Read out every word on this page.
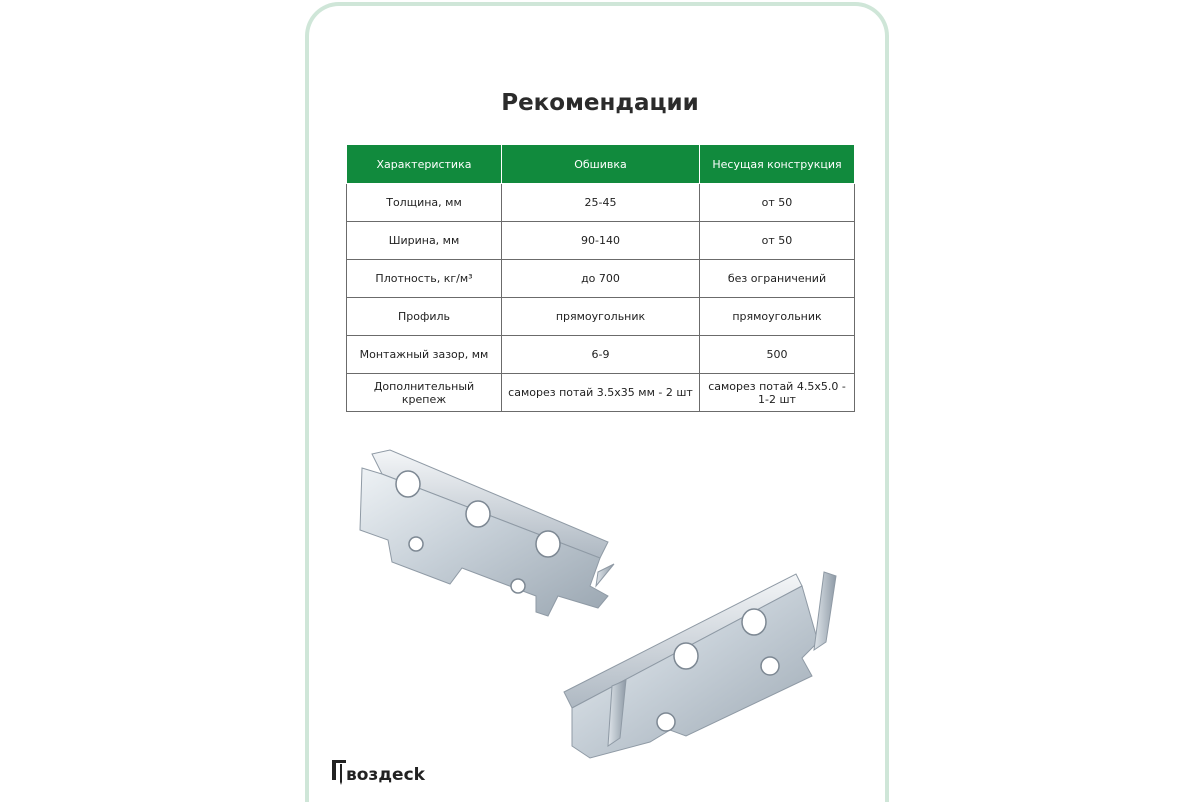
Рекомендации
Характеристика	Обшивка	Несущая конструкция
Толщина, мм	25-45	от 50
Ширина, мм	90-140	от 50
Плотность, кг/м³	до 700	без ограничений
Профиль	прямоугольник	прямоугольник
Монтажный зазор, мм	6-9	500
Дополнительный крепеж	саморез потай 3.5x35 мм - 2 шт	саморез потай 4.5x5.0 - 1-2 шт
воздeck
